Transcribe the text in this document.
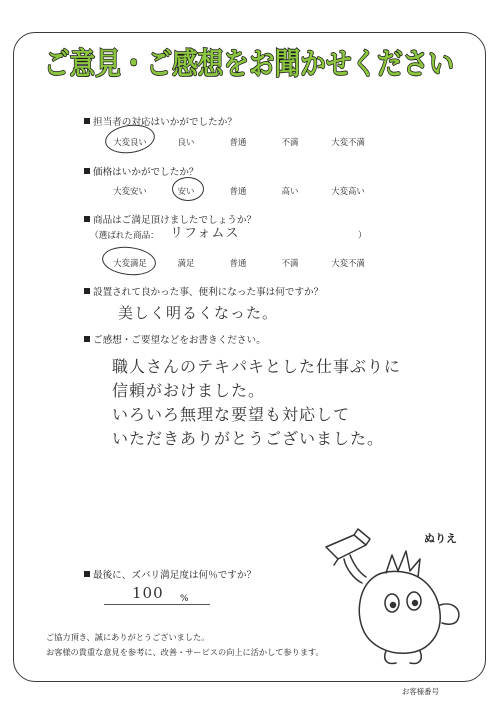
ご意見・ご感想をお聞かせください
担当者の対応はいかがでしたか？
大変良い	良い	普通	不満	大変不満
価格はいかがでしたか？
大変安い	安い	普通	高い	大変高い
商品はご満足頂けましたでしょうか？
（選ばれた商品： リフォムス	）
大変満足	満足	普通	不満	大変不満
設置されて良かった事、便利になった事は何ですか？
美しく明るくなった。
ご感想・ご要望などをお書きください。
職人さんのテキパキとした仕事ぶりに
信頼がおけました。
いろいろ無理な要望も対応して
いただきありがとうございました。
最後に、ズバリ満足度は何％ですか？
100 %
ご協力頂き、誠にありがとうございました。
お客様の貴重な意見を参考に、改善・サービスの向上に活かして参ります。
ぬりえ
お客様番号
